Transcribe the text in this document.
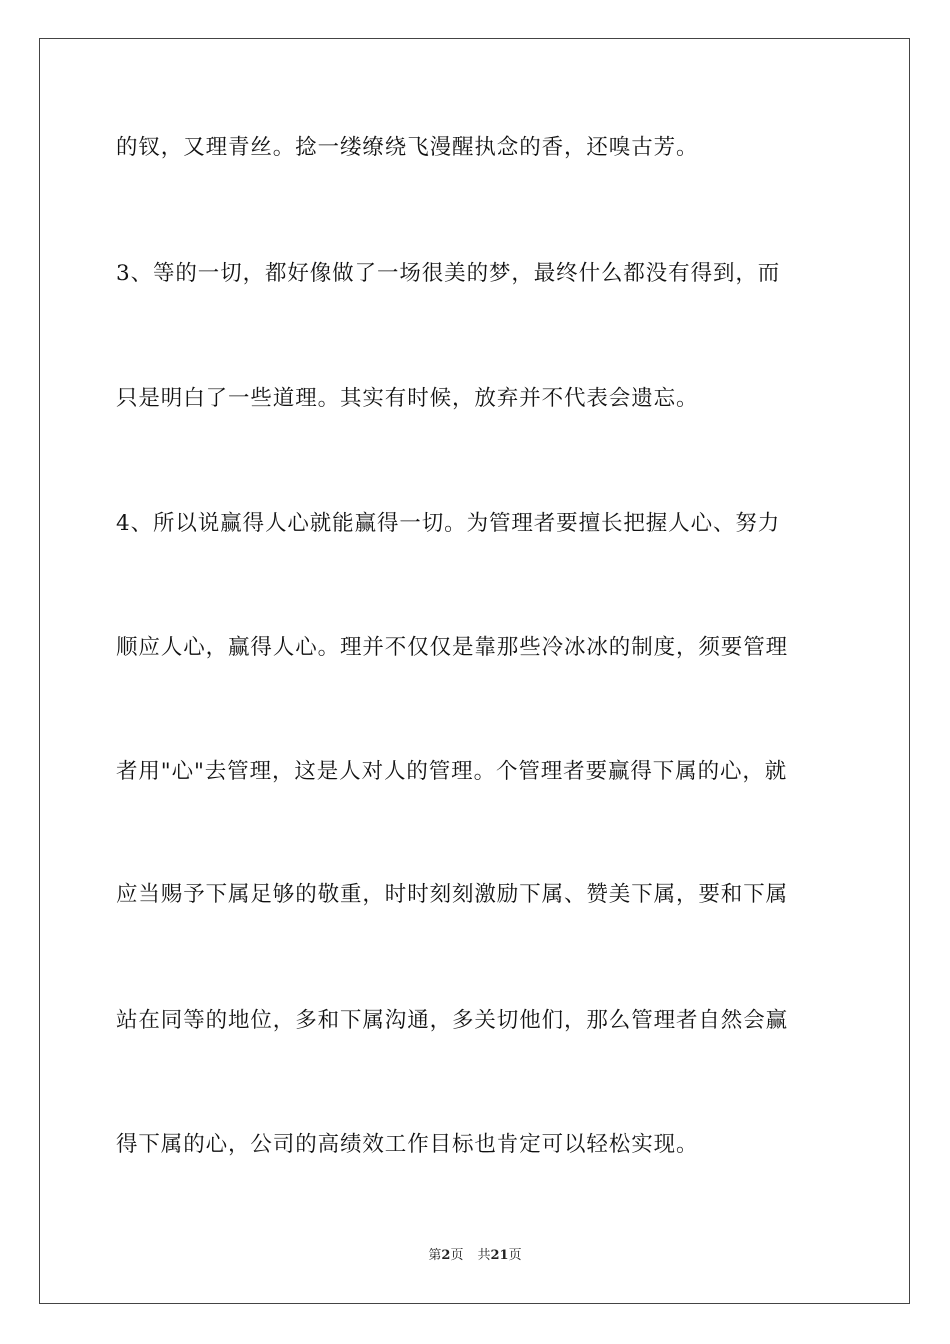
的钗，又理青丝。捻一缕缭绕飞漫醒执念的香，还嗅古芳。
3、等的一切，都好像做了一场很美的梦，最终什么都没有得到，而
只是明白了一些道理。其实有时候，放弃并不代表会遗忘。
4、所以说赢得人心就能赢得一切。为管理者要擅长把握人心、努力
顺应人心，赢得人心。理并不仅仅是靠那些冷冰冰的制度，须要管理
者用"心"去管理，这是人对人的管理。个管理者要赢得下属的心，就
应当赐予下属足够的敬重，时时刻刻激励下属、赞美下属，要和下属
站在同等的地位，多和下属沟通，多关切他们，那么管理者自然会赢
得下属的心，公司的高绩效工作目标也肯定可以轻松实现。
第2页 共21页
